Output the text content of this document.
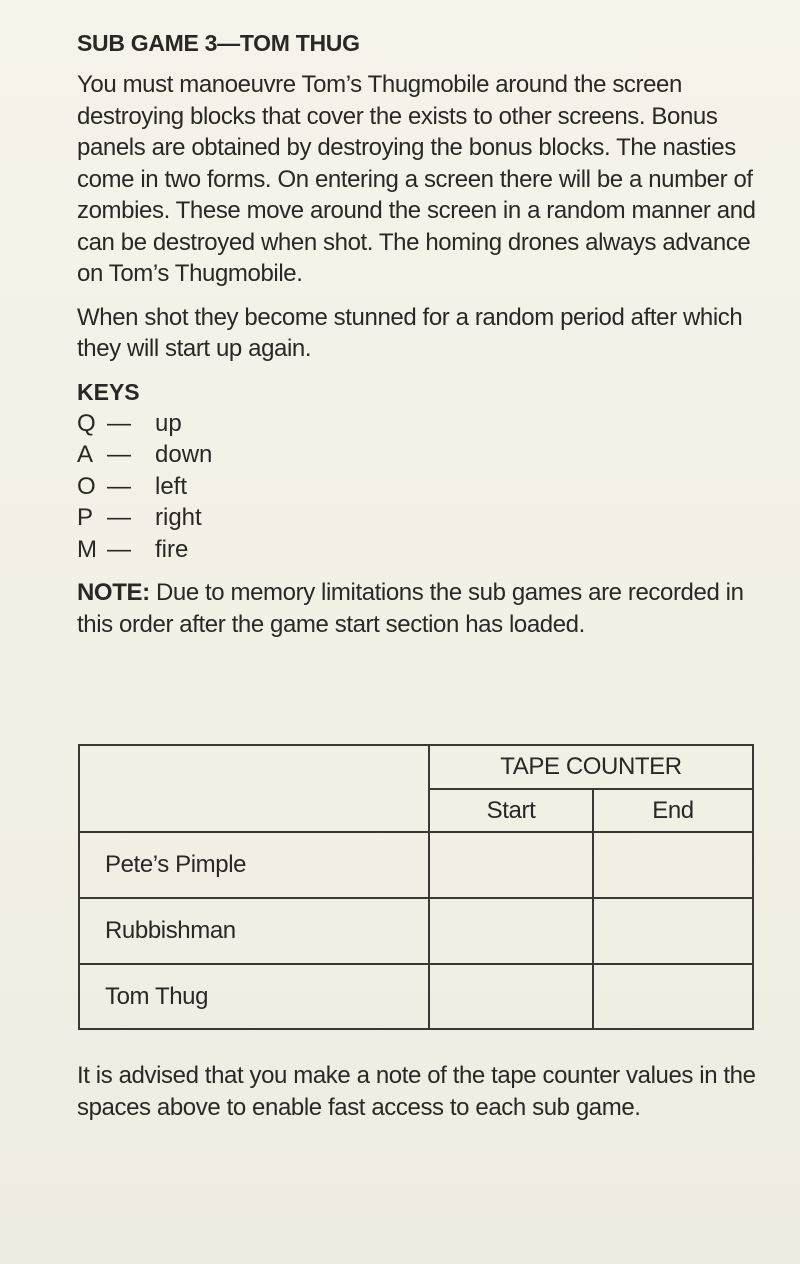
SUB GAME 3—TOM THUG

You must manoeuvre Tom’s Thugmobile around the screen destroying blocks that cover the exists to other screens. Bonus panels are obtained by destroying the bonus blocks. The nasties come in two forms. On entering a screen there will be a number of zombies. These move around the screen in a random manner and can be destroyed when shot. The homing drones always advance on Tom’s Thugmobile.

When shot they become stunned for a random period after which they will start up again.

KEYS
Q —	up
A —	down
O —	left
P —	right
M —	fire

NOTE: Due to memory limitations the sub games are recorded in this order after the game start section has loaded.

	TAPE COUNTER	
	Start	End
Pete’s Pimple		
Rubbishman		
Tom Thug		

It is advised that you make a note of the tape counter values in the spaces above to enable fast access to each sub game.
